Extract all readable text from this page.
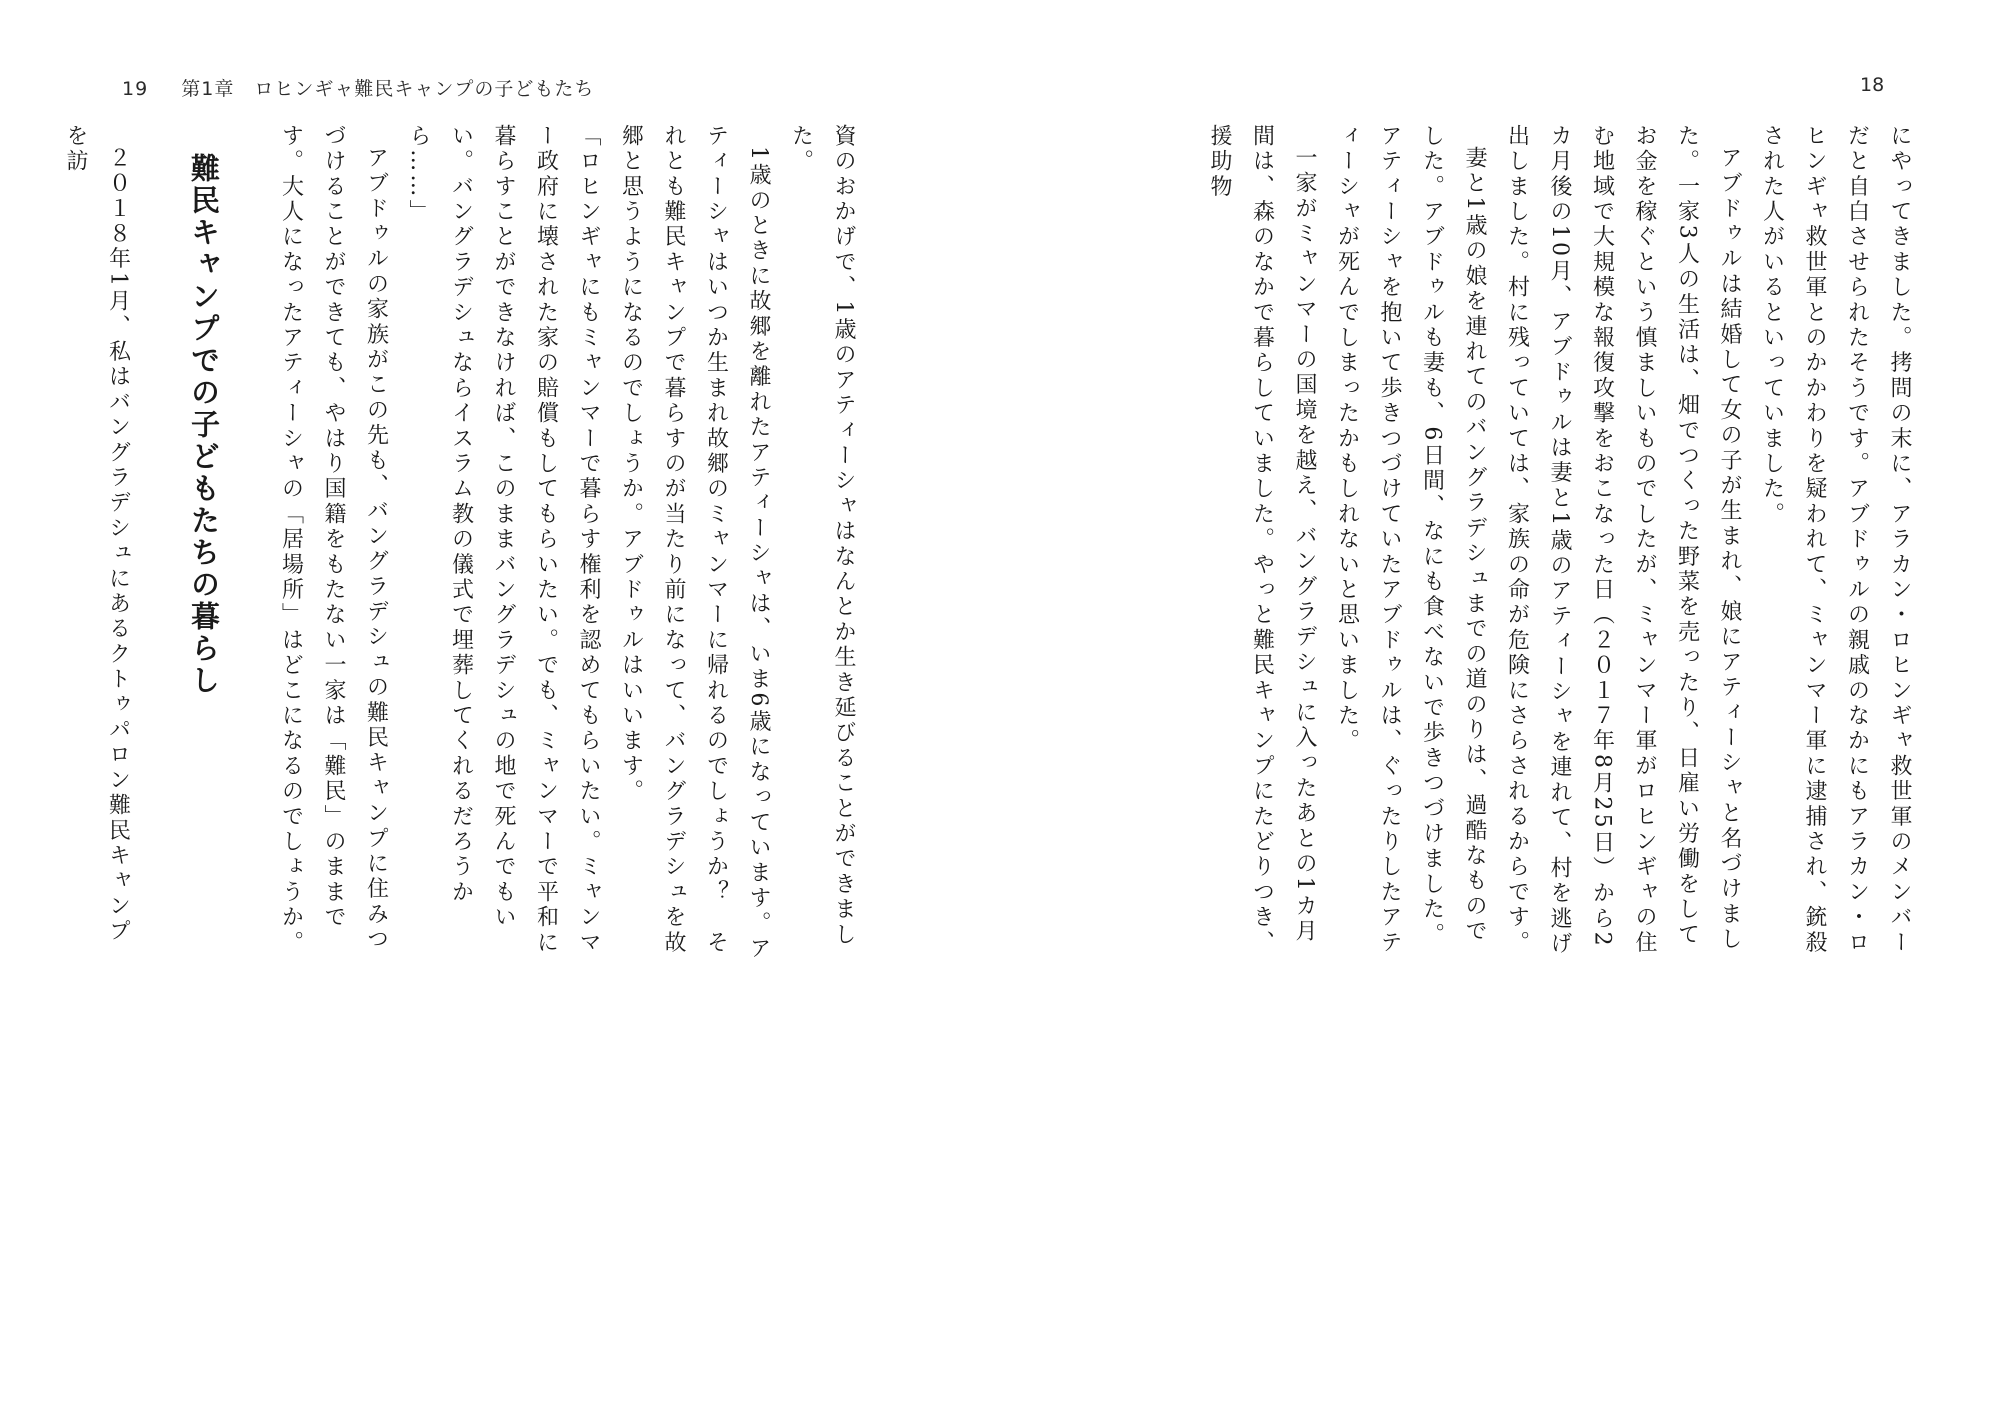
19 第1章　ロヒンギャ難民キャンプの子どもたち

資のおかげで、1歳のアティーシャはなんとか生き延びることができました。

1歳のときに故郷を離れたアティーシャは、いま6歳になっています。アティーシャはいつか生まれ故郷のミャンマーに帰れるのでしょうか？　それとも難民キャンプで暮らすのが当たり前になって、バングラデシュを故郷と思うようになるのでしょうか。アブドゥルはいいます。

「ロヒンギャにもミャンマーで暮らす権利を認めてもらいたい。ミャンマー政府に壊された家の賠償もしてもらいたい。でも、ミャンマーで平和に暮らすことができなければ、このままバングラデシュの地で死んでもいい。バングラデシュならイスラム教の儀式で埋葬してくれるだろうから……」

アブドゥルの家族がこの先も、バングラデシュの難民キャンプに住みつづけることができても、やはり国籍をもたない一家は「難民」のままです。大人になったアティーシャの「居場所」はどこになるのでしょうか。

難民キャンプでの子どもたちの暮らし

２０１８年1月、私はバングラデシュにあるクトゥパロン難民キャンプを訪

18

にやってきました。拷問の末に、アラカン・ロヒンギャ救世軍のメンバーだと自白させられたそうです。アブドゥルの親戚のなかにもアラカン・ロヒンギャ救世軍とのかかわりを疑われて、ミャンマー軍に逮捕され、銃殺された人がいるといっていました。

アブドゥルは結婚して女の子が生まれ、娘にアティーシャと名づけました。一家3人の生活は、畑でつくった野菜を売ったり、日雇い労働をしてお金を稼ぐという慎ましいものでしたが、ミャンマー軍がロヒンギャの住む地域で大規模な報復攻撃をおこなった日（２０１７年8月25日）から2カ月後の10月、アブドゥルは妻と1歳のアティーシャを連れて、村を逃げ出しました。村に残っていては、家族の命が危険にさらされるからです。

妻と1歳の娘を連れてのバングラデシュまでの道のりは、過酷なものでした。アブドゥルも妻も、6日間、なにも食べないで歩きつづけました。アティーシャを抱いて歩きつづけていたアブドゥルは、ぐったりしたアティーシャが死んでしまったかもしれないと思いました。

一家がミャンマーの国境を越え、バングラデシュに入ったあとの1カ月間は、森のなかで暮らしていました。やっと難民キャンプにたどりつき、援助物
